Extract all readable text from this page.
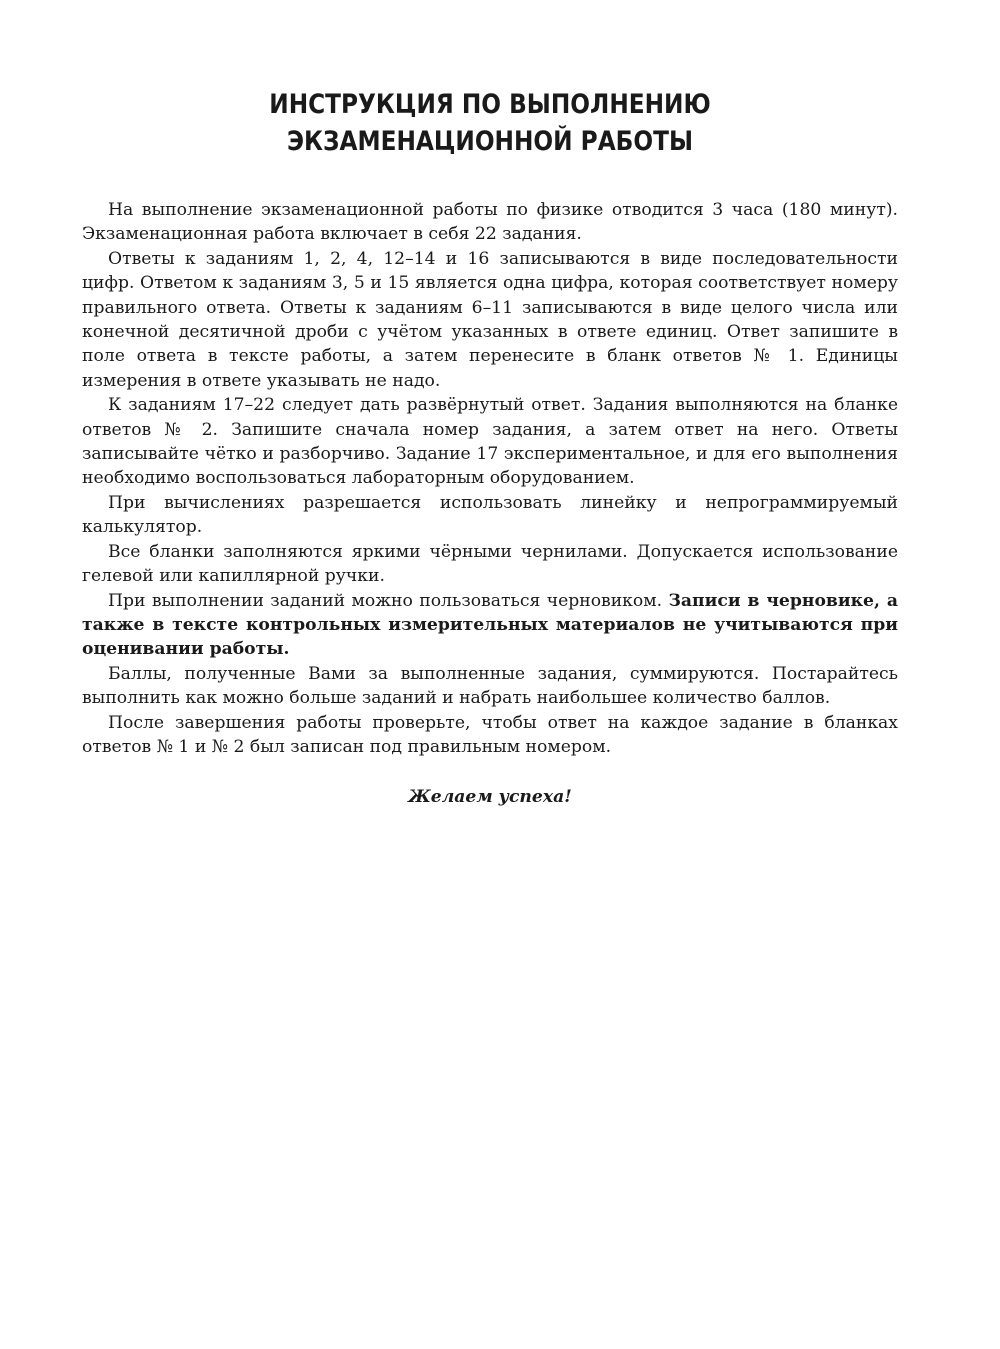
ИНСТРУКЦИЯ ПО ВЫПОЛНЕНИЮ
ЭКЗАМЕНАЦИОННОЙ РАБОТЫ

На выполнение экзаменационной работы по физике отводится 3 часа (180 минут). Экзаменационная работа включает в себя 22 задания.

Ответы к заданиям 1, 2, 4, 12–14 и 16 записываются в виде последовательности цифр. Ответом к заданиям 3, 5 и 15 является одна цифра, которая соответствует номеру правильного ответа. Ответы к заданиям 6–11 записываются в виде целого числа или конечной десятичной дроби с учётом указанных в ответе единиц. Ответ запишите в поле ответа в тексте работы, а затем перенесите в бланк ответов № 1. Единицы измерения в ответе указывать не надо.

К заданиям 17–22 следует дать развёрнутый ответ. Задания выполняются на бланке ответов № 2. Запишите сначала номер задания, а затем ответ на него. Ответы записывайте чётко и разборчиво. Задание 17 экспериментальное, и для его выполнения необходимо воспользоваться лабораторным оборудованием.

При вычислениях разрешается использовать линейку и непрограммируемый калькулятор.

Все бланки заполняются яркими чёрными чернилами. Допускается использование гелевой или капиллярной ручки.

При выполнении заданий можно пользоваться черновиком. Записи в черновике, а также в тексте контрольных измерительных материалов не учитываются при оценивании работы.

Баллы, полученные Вами за выполненные задания, суммируются. Постарайтесь выполнить как можно больше заданий и набрать наибольшее количество баллов.

После завершения работы проверьте, чтобы ответ на каждое задание в бланках ответов № 1 и № 2 был записан под правильным номером.

Желаем успеха!
